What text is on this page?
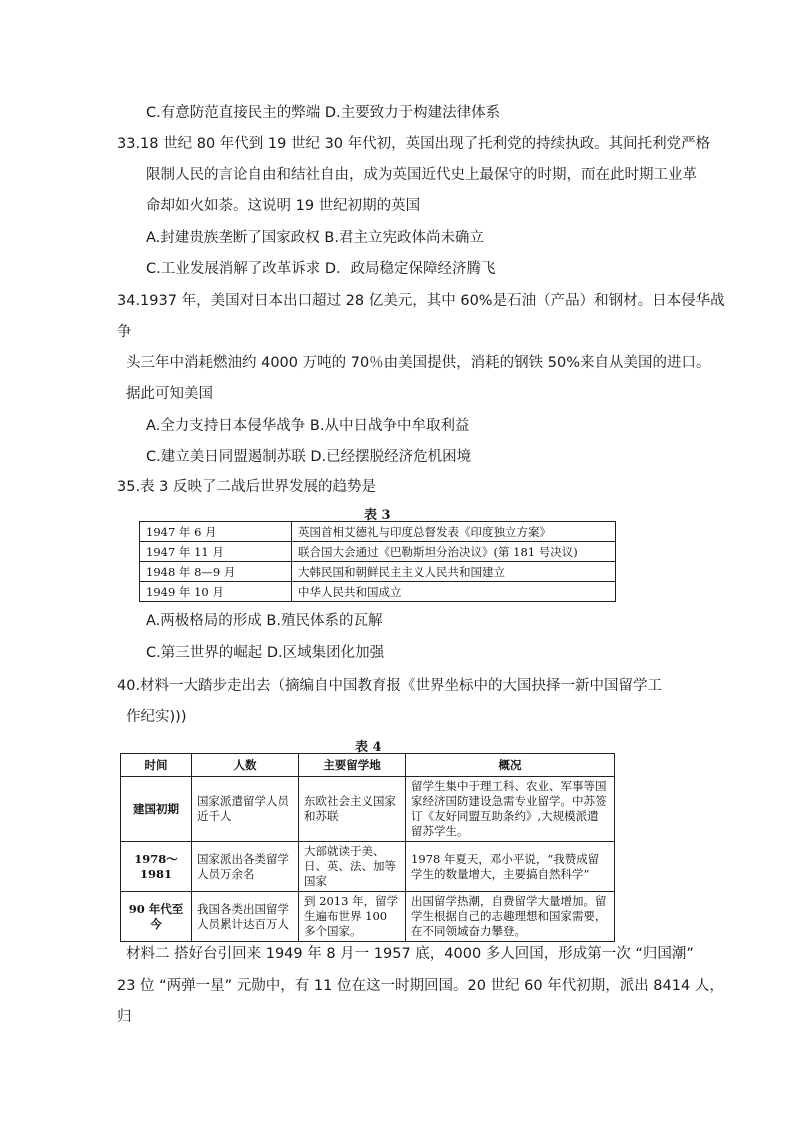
C.有意防范直接民主的弊端 D.主要致力于构建法律体系
33.18 世纪 80 年代到 19 世纪 30 年代初，英国出现了托利党的持续执政。其间托利党严格
限制人民的言论自由和结社自由，成为英国近代史上最保守的时期，而在此时期工业革
命却如火如荼。这说明 19 世纪初期的英国
A.封建贵族垄断了国家政权 B.君主立宪政体尚未确立
C.工业发展消解了改革诉求 D．政局稳定保障经济腾飞
34.1937 年，美国对日本出口超过 28 亿美元，其中 60%是石油（产品）和钢材。日本侵华战
争
头三年中消耗燃油约 4000 万吨的 70％由美国提供，消耗的钢铁 50%来自从美国的进口。
据此可知美国
A.全力支持日本侵华战争 B.从中日战争中牟取利益
C.建立美日同盟遏制苏联 D.已经摆脱经济危机困境
35.表 3 反映了二战后世界发展的趋势是
表 3
1947 年 6 月	英国首相艾德礼与印度总督发表《印度独立方案》
1947 年 11 月	联合国大会通过《巴勒斯坦分治决议》(第 181 号决议)
1948 年 8—9 月	大韩民国和朝鲜民主主义人民共和国建立
1949 年 10 月	中华人民共和国成立
A.两极格局的形成 B.殖民体系的瓦解
C.第三世界的崛起 D.区域集团化加强
40.材料一大踏步走出去（摘编自中国教育报《世界坐标中的大国抉择一新中国留学工
作纪实)))
表 4
时间	人数	主要留学地	概况
建国初期	国家派遣留学人员近千人	东欧社会主义国家和苏联	留学生集中于理工科、农业、军事等国家经济国防建设急需专业留学。中苏签订《友好同盟互助条约》,大规模派遣留苏学生。
1978～1981	国家派出各类留学人员万余名	大部就读于美、日、英、法、加等国家	1978 年夏天，邓小平说，“我赞成留学生的数量增大，主要搞自然科学”
90 年代至今	我国各类出国留学人员累计达百万人	到 2013 年，留学生遍布世界 100 多个国家。	出国留学热潮，自费留学大量增加。留学生根据自己的志趣理想和国家需要，在不同领域奋力攀登。
材料二 搭好台引回来 1949 年 8 月一 1957 底，4000 多人回国，形成第一次 “归国潮”
23 位 “两弹一星” 元勋中，有 11 位在这一时期回国。20 世纪 60 年代初期，派出 8414 人，
归
